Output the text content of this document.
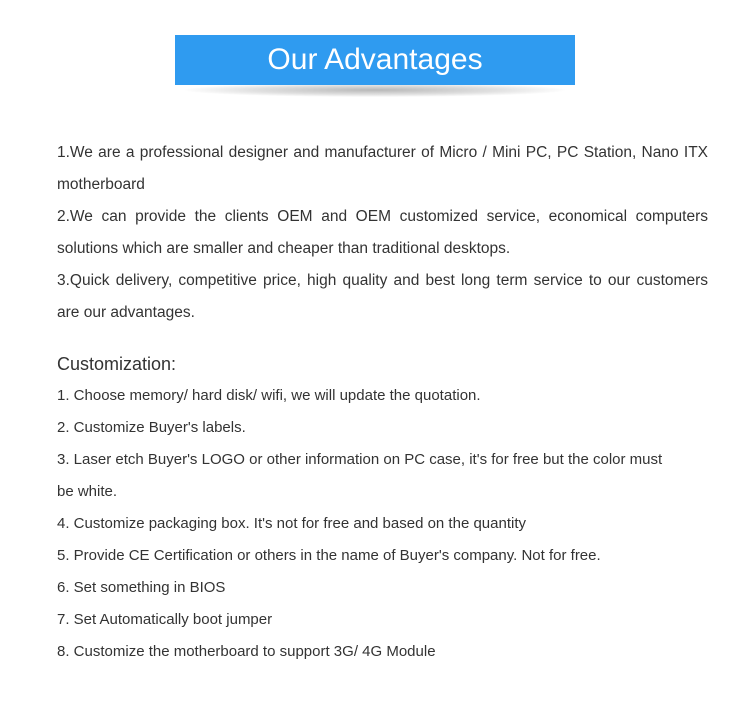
Our Advantages

1.We are a professional designer and manufacturer of Micro / Mini PC, PC Station, Nano ITX motherboard

2.We can provide the clients OEM and OEM customized service, economical computers solutions which are smaller and cheaper than traditional desktops.

3.Quick delivery, competitive price, high quality and best long term service to our customers are our advantages.

Customization:

1. Choose memory/ hard disk/ wifi, we will update the quotation.

2. Customize Buyer's labels.

3. Laser etch Buyer's LOGO or other information on PC case, it's for free but the color must be white.

4. Customize packaging box. It's not for free and based on the quantity

5. Provide CE Certification or others in the name of Buyer's company. Not for free.

6. Set something in BIOS

7. Set Automatically boot jumper

8. Customize the motherboard to support 3G/ 4G Module
